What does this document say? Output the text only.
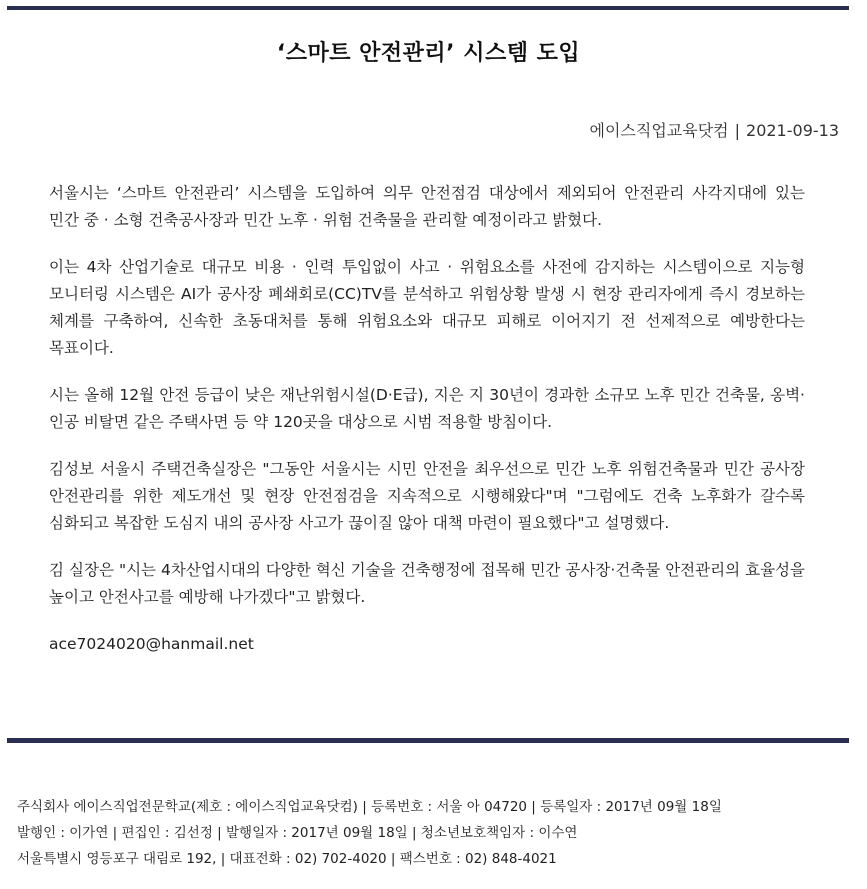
‘스마트 안전관리’ 시스템 도입
에이스직업교육닷컴 | 2021-09-13

서울시는 ‘스마트 안전관리’ 시스템을 도입하여 의무 안전점검 대상에서 제외되어 안전관리 사각지대에 있는 민간 중 · 소형 건축공사장과 민간 노후 · 위험 건축물을 관리할 예정이라고 밝혔다.

이는 4차 산업기술로 대규모 비용 · 인력 투입없이 사고 · 위험요소를 사전에 감지하는 시스템이으로 지능형 모니터링 시스템은 AI가 공사장 폐쇄회로(CC)TV를 분석하고 위험상황 발생 시 현장 관리자에게 즉시 경보하는 체계를 구축하여, 신속한 초동대처를 통해 위험요소와 대규모 피해로 이어지기 전 선제적으로 예방한다는 목표이다.

시는 올해 12월 안전 등급이 낮은 재난위험시설(D·E급), 지은 지 30년이 경과한 소규모 노후 민간 건축물, 옹벽·인공 비탈면 같은 주택사면 등 약 120곳을 대상으로 시범 적용할 방침이다.

김성보 서울시 주택건축실장은 "그동안 서울시는 시민 안전을 최우선으로 민간 노후 위험건축물과 민간 공사장 안전관리를 위한 제도개선 및 현장 안전점검을 지속적으로 시행해왔다"며 "그럼에도 건축 노후화가 갈수록 심화되고 복잡한 도심지 내의 공사장 사고가 끊이질 않아 대책 마련이 필요했다"고 설명했다.

김 실장은 "시는 4차산업시대의 다양한 혁신 기술을 건축행정에 접목해 민간 공사장·건축물 안전관리의 효율성을 높이고 안전사고를 예방해 나가겠다"고 밝혔다.

ace7024020@hanmail.net

주식회사 에이스직업전문학교(제호 : 에이스직업교육닷컴) | 등록번호 : 서울 아 04720 | 등록일자 : 2017년 09월 18일
발행인 : 이가연 | 편집인 : 김선정 | 발행일자 : 2017년 09월 18일 | 청소년보호책임자 : 이수연
서울특별시 영등포구 대림로 192, | 대표전화 : 02) 702-4020 | 팩스번호 : 02) 848-4021
